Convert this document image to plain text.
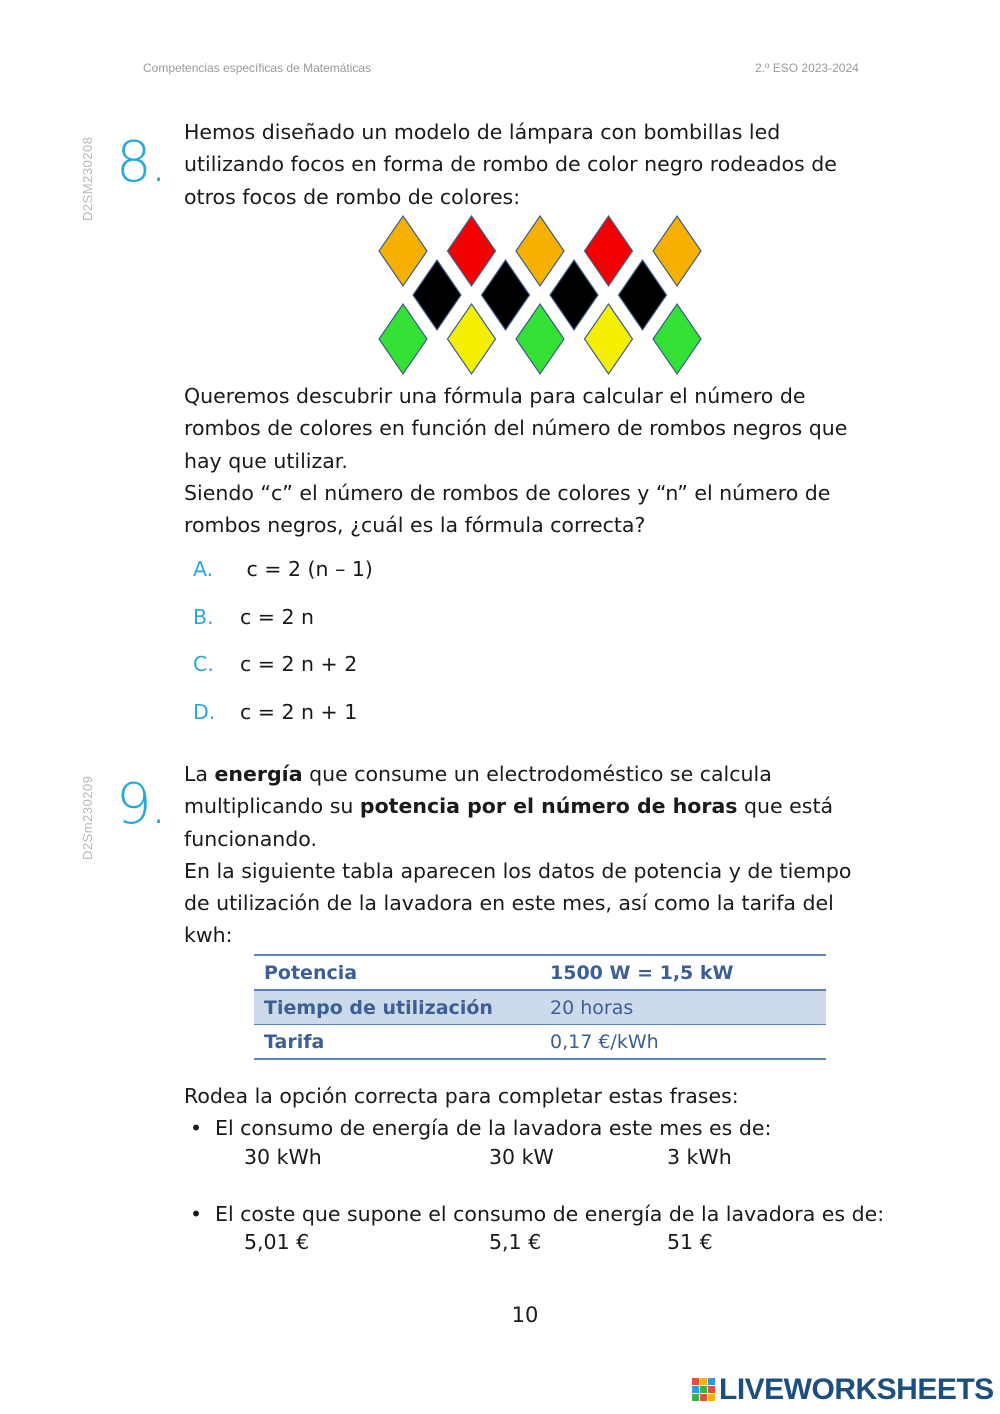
Competencias específicas de Matemáticas	2.º ESO 2023-2024
D2SM230208 8. Hemos diseñado un modelo de lámpara con bombillas led

utilizando focos en forma de rombo de color negro rodeados de

otros focos de rombo de colores:

Queremos descubrir una fórmula para calcular el número de

rombos de colores en función del número de rombos negros que

hay que utilizar.

Siendo “c” el número de rombos de colores y “n” el número de

rombos negros, ¿cuál es la fórmula correcta?

A. c = 2 (n – 1)
B. c = 2 n
C. c = 2 n + 2
D. c = 2 n + 1
D2Sm230209 9. La energía que consume un electrodoméstico se calcula

multiplicando su potencia por el número de horas que está

funcionando.

En la siguiente tabla aparecen los datos de potencia y de tiempo

de utilización de la lavadora en este mes, así como la tarifa del

kwh:

Potencia	1500 W = 1,5 kW
Tiempo de utilización	20 horas
Tarifa	0,17 €/kWh
Rodea la opción correcta para completar estas frases:
• El consumo de energía de la lavadora este mes es de:
30 kWh	30 kW	3 kWh
• El coste que supone el consumo de energía de la lavadora es de:
5,01 €	5,1 €	51 €
10
LIVEWORKSHEETS
